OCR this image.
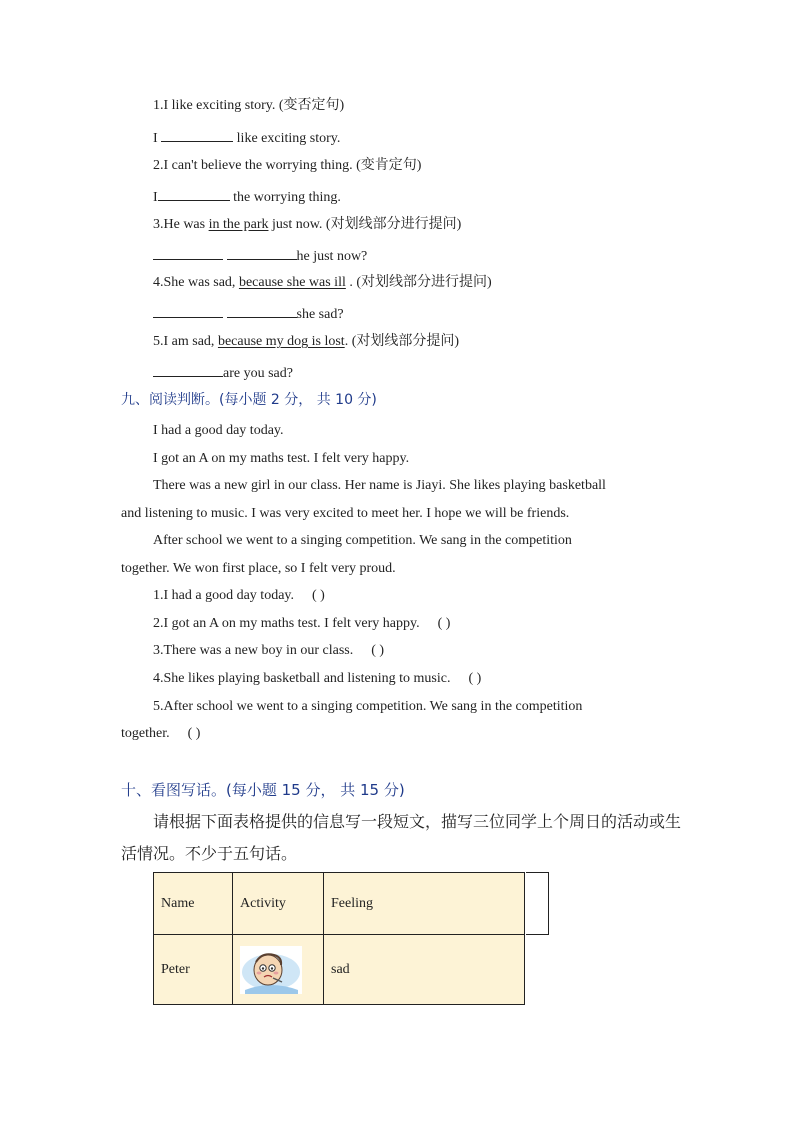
1.I like exciting story. (变否定句)
I	like exciting story.
2.I can't believe the worrying thing. (变肯定句)
I	the worrying thing.
3.He was in the park just now. (对划线部分进行提问)
he just now?
4.She was sad, because she was ill . (对划线部分进行提问)
she sad?
5.I am sad, because my dog is lost. (对划线部分提问)
are you sad?
九、阅读判断。(每小题 2 分， 共 10 分)
I had a good day today.
I got an A on my maths test. I felt very happy.
There was a new girl in our class. Her name is Jiayi. She likes playing basketball
and listening to music. I was very excited to meet her. I hope we will be friends.
After school we went to a singing competition. We sang in the competition
together. We won first place, so I felt very proud.
1.I had a good day today. ( )
2.I got an A on my maths test. I felt very happy. ( )
3.There was a new boy in our class. ( )
4.She likes playing basketball and listening to music. ( )
5.After school we went to a singing competition. We sang in the competition
together. ( )
十、看图写话。(每小题 15 分， 共 15 分)
请根据下面表格提供的信息写一段短文，描写三位同学上个周日的活动或生
活情况。不少于五句话。
Name	Activity	Feeling
Peter		sad
